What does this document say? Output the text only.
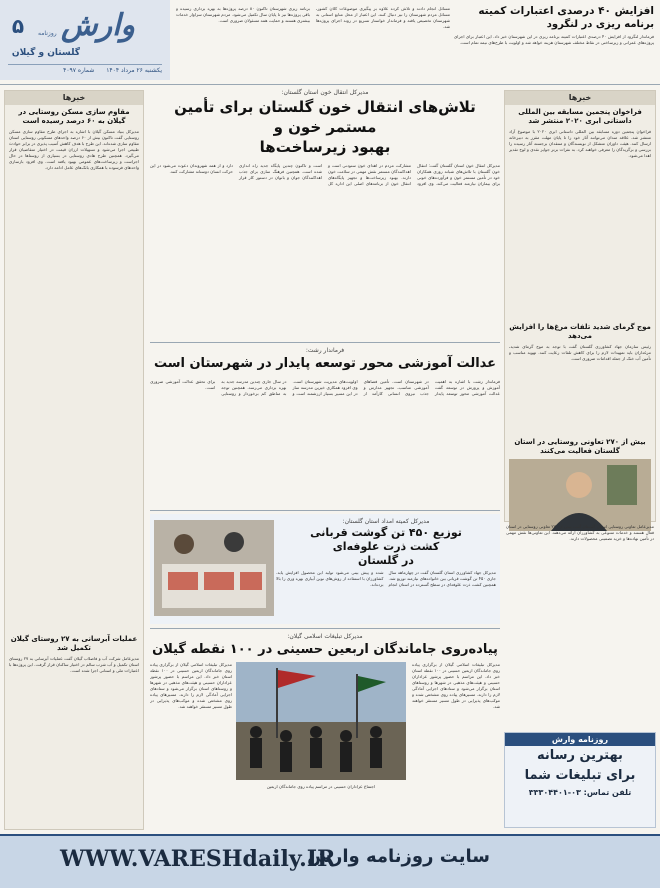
۵	وارش
روزنامه
گلستان و گیلان
یکشنبه ۲۶ مرداد ۱۴۰۴ شماره ۴۰۹۷
افزایش ۴۰ درصدی اعتبارات کمیته
برنامه ریزی در لنگرود
فرماندار لنگرود از افزایش ۴۰ درصدی اعتبارات کمیته برنامه ریزی در این شهرستان خبر داد. این اعتبار برای اجرای پروژه‌های عمرانی و زیرساختی در نقاط مختلف شهرستان هزینه خواهد شد و اولویت با طرح‌های نیمه تمام است.
مسائل انجام دادند و تلاش کرده علاوه بر پیگیری موضوعات کلان کشور، مسائل مردم شهرستان را نیز دنبال کنند. این اعتبار از محل منابع استانی به شهرستان تخصیص یافته و فرماندار خواستار تسریع در روند اجرای پروژه‌ها شد.
برنامه ریزی شهرستان تاکنون ۸۰ درصد پروژه‌ها به بهره برداری رسیده و باقی پروژه‌ها نیز تا پایان سال تکمیل می‌شود. مردم شهرستان سزاوار خدمات بیشتری هستند و حمایت همه مسئولان ضروری است.
خبرها
فراخوان پنجمین مسابقه بین المللی داستانی ابری ۲۰۲۰ منتشر شد
فراخوان پنجمین دوره مسابقه بین المللی داستانی ابری ۲۰۲۰ با موضوع آزاد منتشر شد. علاقه مندان می‌توانند آثار خود را تا پایان مهلت مقرر به دبیرخانه ارسال کنند. هیئت داوران متشکل از نویسندگان و منتقدان برجسته آثار رسیده را بررسی و برگزیدگان را معرفی خواهند کرد. به نفرات برتر جوایز نقدی و لوح تقدیر اهدا می‌شود.
موج گرمای شدید تلفات مرغ‌ها را افزایش می‌دهد
رئیس سازمان جهاد کشاورزی گلستان گفت با توجه به موج گرمای شدید، مرغداران باید تمهیدات لازم را برای کاهش تلفات رعایت کنند. تهویه مناسب و تأمین آب خنک از جمله اقدامات ضروری است.
بیش از ۲۷۰ تعاونی روستایی در استان گلستان فعالیت می‌کنند
مدیرعامل تعاونی روستایی استان گلستان گفت بیش از ۲۷۰ تعاونی روستایی در استان فعال هستند و خدمات متنوعی به کشاورزان ارائه می‌دهند. این تعاونی‌ها نقش مهمی در تأمین نهاده‌ها و خرید تضمینی محصولات دارند.
روزنامه وارش
بهترین رسانه
برای تبلیغات شما
تلفن تماس: ۰۳-۳۳۳۰۴۴۰۱
خبرها
مقاوم سازی مسکن روستایی در گیلان به ۶۰ درصد رسیده است
مدیرکل بنیاد مسکن گیلان با اشاره به اجرای طرح مقاوم سازی مسکن روستایی گفت تاکنون بیش از ۶۰ درصد واحدهای مسکونی روستایی استان مقاوم سازی شده‌اند. این طرح با هدف کاهش آسیب پذیری در برابر حوادث طبیعی اجرا می‌شود و تسهیلات ارزان قیمت در اختیار متقاضیان قرار می‌گیرد. همچنین طرح هادی روستایی در بسیاری از روستاها در حال اجراست و زیرساخت‌های عمومی بهبود یافته است. وی افزود بازسازی واحدهای فرسوده با همکاری بانک‌های عامل ادامه دارد.
عملیات آبرسانی به ۲۷ روستای گیلان تکمیل شد
مدیرعامل شرکت آب و فاضلاب گیلان گفت عملیات آبرسانی به ۲۷ روستای استان تکمیل و آب شرب سالم در اختیار ساکنان قرار گرفت. این پروژه‌ها با اعتبارات ملی و استانی اجرا شده است.
مدیرکل انتقال خون استان گلستان:
تلاش‌های انتقال خون گلستان برای تأمین مستمر خون و
بهبود زیرساخت‌ها
مدیرکل انتقال خون استان گلستان گفت: انتقال خون گلستان با تلاش‌های شبانه روزی همکاران خود در تأمین مستمر خون و فرآورده‌های خونی برای بیماران نیازمند فعالیت می‌کند. وی افزود مشارکت مردم در اهدای خون ستودنی است و اهداکنندگان مستمر نقش مهمی در سلامت خون دارند. بهبود زیرساخت‌ها و تجهیز پایگاه‌های انتقال خون از برنامه‌های اصلی این اداره کل است و تاکنون چندین پایگاه جدید راه اندازی شده است. همچنین فرهنگ سازی برای جذب اهداکنندگان جوان و بانوان در دستور کار قرار دارد و از همه شهروندان دعوت می‌شود در این حرکت انسان دوستانه مشارکت کنند.
فرماندار رشت:
عدالت آموزشی محور توسعه پایدار در شهرستان است
فرماندار رشت با اشاره به اهمیت آموزش و پرورش در توسعه گفت عدالت آموزشی محور توسعه پایدار در شهرستان است. تأمین فضاهای آموزشی مناسب، تجهیز مدارس و جذب نیروی انسانی کارآمد از اولویت‌های مدیریت شهرستان است. وی افزود همکاری خیرین مدرسه ساز در این مسیر بسیار ارزشمند است و در سال جاری چندین مدرسه جدید به بهره برداری می‌رسد. همچنین توجه به مناطق کم برخوردار و روستایی برای تحقق عدالت آموزشی ضروری است.
مدیرکل کمیته امداد استان گلستان:
توزیع ۴۵۰ تن گوشت قربانی
کشت ذرت علوفه‌ای
در گلستان
مدیرکل جهاد کشاورزی استان گلستان گفت در چهارماهه سال جاری ۴۵۰ تن گوشت قربانی بین خانواده‌های نیازمند توزیع شد. همچنین کشت ذرت علوفه‌ای در سطح گسترده در استان انجام شده و پیش بینی می‌شود تولید این محصول افزایش یابد. کشاورزان با استفاده از روش‌های نوین آبیاری بهره وری را بالا برده‌اند.
مدیرکل تبلیغات اسلامی گیلان:
پیاده‌روی جاماندگان اربعین حسینی در ۱۰۰ نقطه گیلان
مدیرکل تبلیغات اسلامی گیلان از برگزاری پیاده روی جاماندگان اربعین حسینی در ۱۰۰ نقطه استان خبر داد. این مراسم با حضور پرشور عزاداران حسینی و هیئت‌های مذهبی در شهرها و روستاهای استان برگزار می‌شود و ستادهای اجرایی آمادگی لازم را دارند. مسیرهای پیاده روی مشخص شده و موکب‌های پذیرایی در طول مسیر مستقر خواهند شد.
مدیرکل تبلیغات اسلامی گیلان از برگزاری پیاده روی جاماندگان اربعین حسینی در ۱۰۰ نقطه استان خبر داد. این مراسم با حضور پرشور عزاداران حسینی و هیئت‌های مذهبی در شهرها و روستاهای استان برگزار می‌شود و ستادهای اجرایی آمادگی لازم را دارند. مسیرهای پیاده روی مشخص شده و موکب‌های پذیرایی در طول مسیر مستقر خواهند شد.
اجتماع عزاداران حسینی در مراسم پیاده روی جاماندگان اربعین
سایت روزنامه وارش
WWW.VARESHdaily.IR
